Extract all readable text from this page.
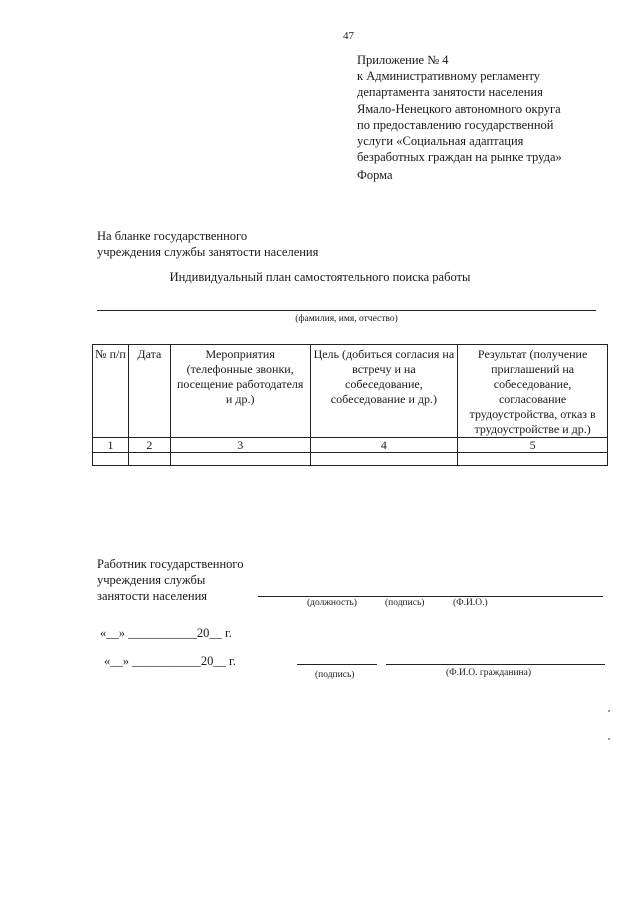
47
Приложение № 4
к Административному регламенту
департамента занятости населения
Ямало-Ненецкого автономного округа
по предоставлению государственной
услуги «Социальная адаптация
безработных граждан на рынке труда»
Форма
На бланке государственного
учреждения службы занятости населения
Индивидуальный план самостоятельного поиска работы
(фамилия, имя, отчество)
№ п/п	Дата	Мероприятия (телефонные звонки, посещение работодателя и др.)	Цель (добиться согласия на встречу и на собеседование, собеседование и др.)	Результат (получение приглашений на собеседование, согласование трудоустройства, отказ в трудоустройстве и др.)
1	2	3	4	5

Работник государственного
учреждения службы
занятости населения	(должность)	(подпись)	(Ф.И.О.)
«__» ___________20__ г.
«__» ___________20__ г.
(подпись)	(Ф.И.О. гражданина)
